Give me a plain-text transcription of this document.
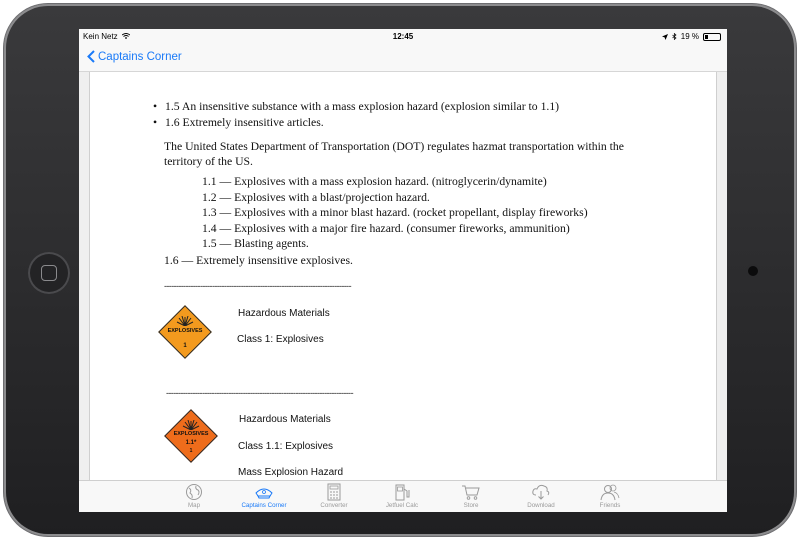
Kein Netz	12:45	19 %
Captains Corner
• 1.5 An insensitive substance with a mass explosion hazard (explosion similar to 1.1)
• 1.6 Extremely insensitive articles.
The United States Department of Transportation (DOT) regulates hazmat transportation within the territory of the US.
1.1 — Explosives with a mass explosion hazard. (nitroglycerin/dynamite)
1.2 — Explosives with a blast/projection hazard.
1.3 — Explosives with a minor blast hazard. (rocket propellant, display fireworks)
1.4 — Explosives with a major fire hazard. (consumer fireworks, ammunition)
1.5 — Blasting agents.
1.6 — Extremely insensitive explosives.
------------------------------------------------------------------------------
EXPLOSIVES
1
Hazardous Materials
Class 1: Explosives
------------------------------------------------------------------------------
EXPLOSIVES
1.1*
1
Hazardous Materials
Class 1.1: Explosives
Mass Explosion Hazard
Map	Captains Corner	Converter	Jetfuel Calc	Store	Download	Friends
